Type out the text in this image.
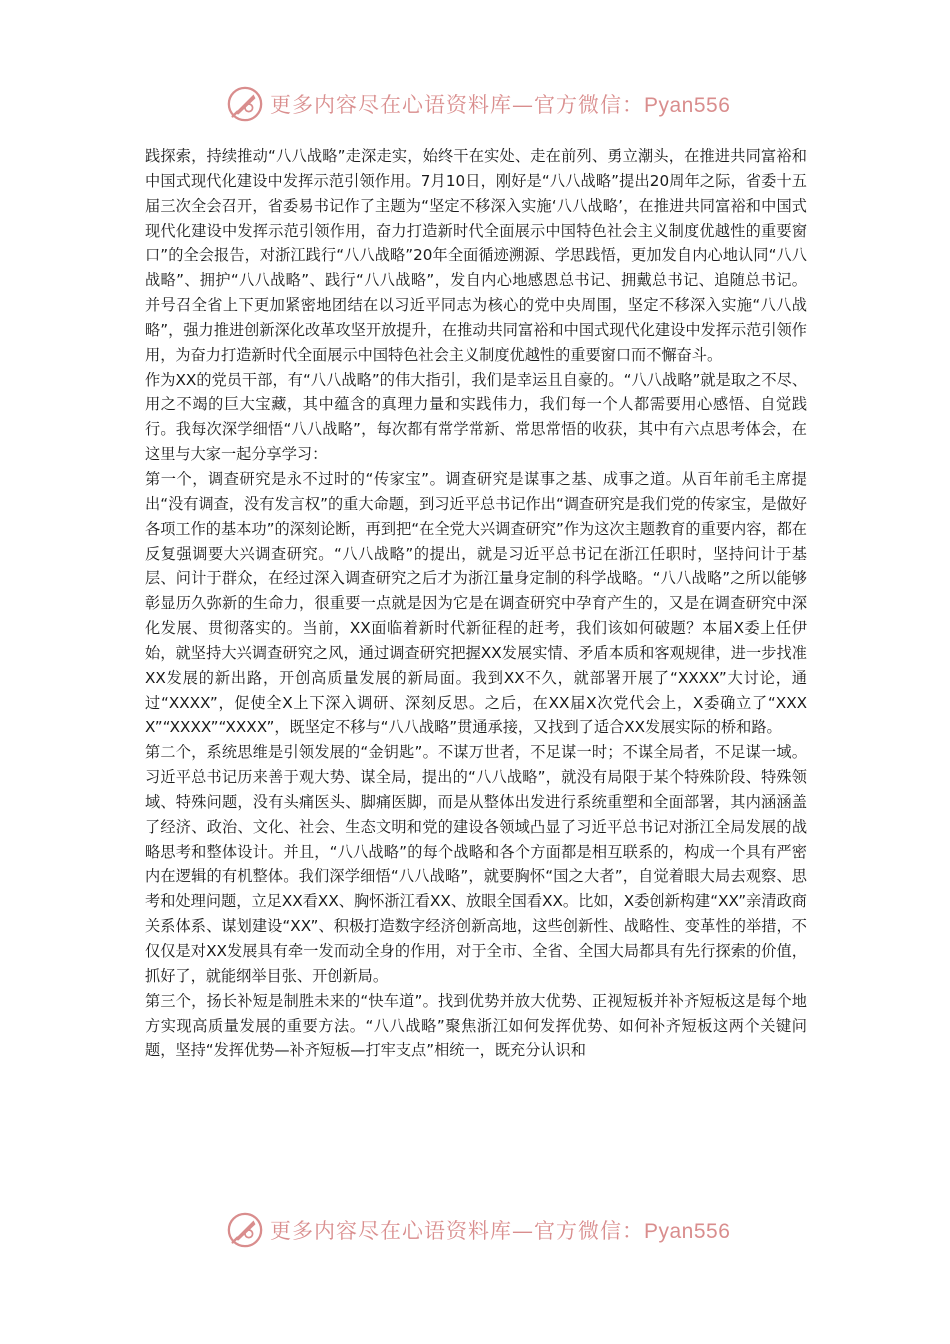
更多内容尽在心语资料库—官方微信：Pyan556

践探索，持续推动“八八战略”走深走实，始终干在实处、走在前列、勇立潮头，在推进共同富裕和中国式现代化建设中发挥示范引领作用。7月10日，刚好是“八八战略”提出20周年之际，省委十五届三次全会召开，省委易书记作了主题为“坚定不移深入实施‘八八战略’，在推进共同富裕和中国式现代化建设中发挥示范引领作用，奋力打造新时代全面展示中国特色社会主义制度优越性的重要窗口”的全会报告，对浙江践行“八八战略”20年全面循迹溯源、学思践悟，更加发自内心地认同“八八战略”、拥护“八八战略”、践行“八八战略”，发自内心地感恩总书记、拥戴总书记、追随总书记。并号召全省上下更加紧密地团结在以习近平同志为核心的党中央周围，坚定不移深入实施“八八战略”，强力推进创新深化改革攻坚开放提升，在推动共同富裕和中国式现代化建设中发挥示范引领作用，为奋力打造新时代全面展示中国特色社会主义制度优越性的重要窗口而不懈奋斗。

作为XX的党员干部，有“八八战略”的伟大指引，我们是幸运且自豪的。“八八战略”就是取之不尽、用之不竭的巨大宝藏，其中蕴含的真理力量和实践伟力，我们每一个人都需要用心感悟、自觉践行。我每次深学细悟“八八战略”，每次都有常学常新、常思常悟的收获，其中有六点思考体会，在这里与大家一起分享学习：

第一个，调查研究是永不过时的“传家宝”。调查研究是谋事之基、成事之道。从百年前毛主席提出“没有调查，没有发言权”的重大命题，到习近平总书记作出“调查研究是我们党的传家宝，是做好各项工作的基本功”的深刻论断，再到把“在全党大兴调查研究”作为这次主题教育的重要内容，都在反复强调要大兴调查研究。“八八战略”的提出，就是习近平总书记在浙江任职时，坚持问计于基层、问计于群众，在经过深入调查研究之后才为浙江量身定制的科学战略。“八八战略”之所以能够彰显历久弥新的生命力，很重要一点就是因为它是在调查研究中孕育产生的，又是在调查研究中深化发展、贯彻落实的。当前，XX面临着新时代新征程的赶考，我们该如何破题？本届X委上任伊始，就坚持大兴调查研究之风，通过调查研究把握XX发展实情、矛盾本质和客观规律，进一步找准XX发展的新出路，开创高质量发展的新局面。我到XX不久，就部署开展了“XXXX”大讨论，通过“XXXX”，促使全X上下深入调研、深刻反思。之后，在XX届X次党代会上，X委确立了“XXXX”“XXXX”“XXXX”，既坚定不移与“八八战略”贯通承接，又找到了适合XX发展实际的桥和路。

第二个，系统思维是引领发展的“金钥匙”。不谋万世者，不足谋一时；不谋全局者，不足谋一域。习近平总书记历来善于观大势、谋全局，提出的“八八战略”，就没有局限于某个特殊阶段、特殊领域、特殊问题，没有头痛医头、脚痛医脚，而是从整体出发进行系统重塑和全面部署，其内涵涵盖了经济、政治、文化、社会、生态文明和党的建设各领域凸显了习近平总书记对浙江全局发展的战略思考和整体设计。并且，“八八战略”的每个战略和各个方面都是相互联系的，构成一个具有严密内在逻辑的有机整体。我们深学细悟“八八战略”，就要胸怀“国之大者”，自觉着眼大局去观察、思考和处理问题，立足XX看XX、胸怀浙江看XX、放眼全国看XX。比如，X委创新构建“XX”亲清政商关系体系、谋划建设“XX”、积极打造数字经济创新高地，这些创新性、战略性、变革性的举措，不仅仅是对XX发展具有牵一发而动全身的作用，对于全市、全省、全国大局都具有先行探索的价值，抓好了，就能纲举目张、开创新局。

第三个，扬长补短是制胜未来的“快车道”。找到优势并放大优势、正视短板并补齐短板这是每个地方实现高质量发展的重要方法。“八八战略”聚焦浙江如何发挥优势、如何补齐短板这两个关键问题，坚持“发挥优势—补齐短板—打牢支点”相统一，既充分认识和

更多内容尽在心语资料库—官方微信：Pyan556
